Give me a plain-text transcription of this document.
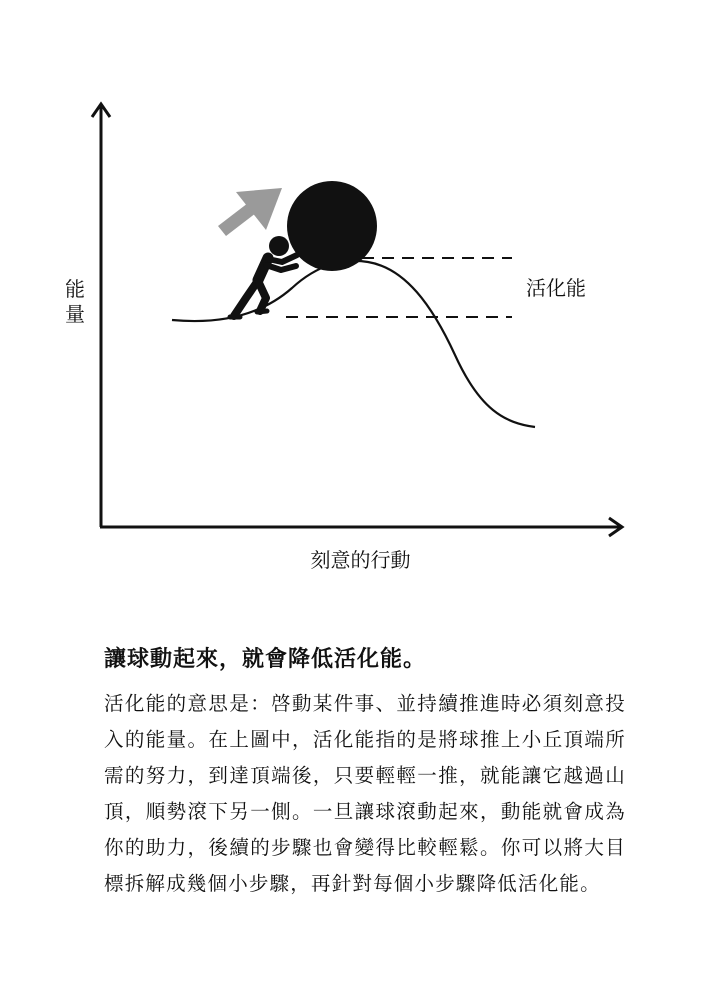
能量
活化能
刻意的行動
讓球動起來，就會降低活化能。

活化能的意思是：啓動某件事、並持續推進時必須刻意投入的能量。在上圖中，活化能指的是將球推上小丘頂端所需的努力，到達頂端後，只要輕輕一推，就能讓它越過山頂，順勢滾下另一側。一旦讓球滾動起來，動能就會成為你的助力，後續的步驟也會變得比較輕鬆。你可以將大目標拆解成幾個小步驟，再針對每個小步驟降低活化能。
